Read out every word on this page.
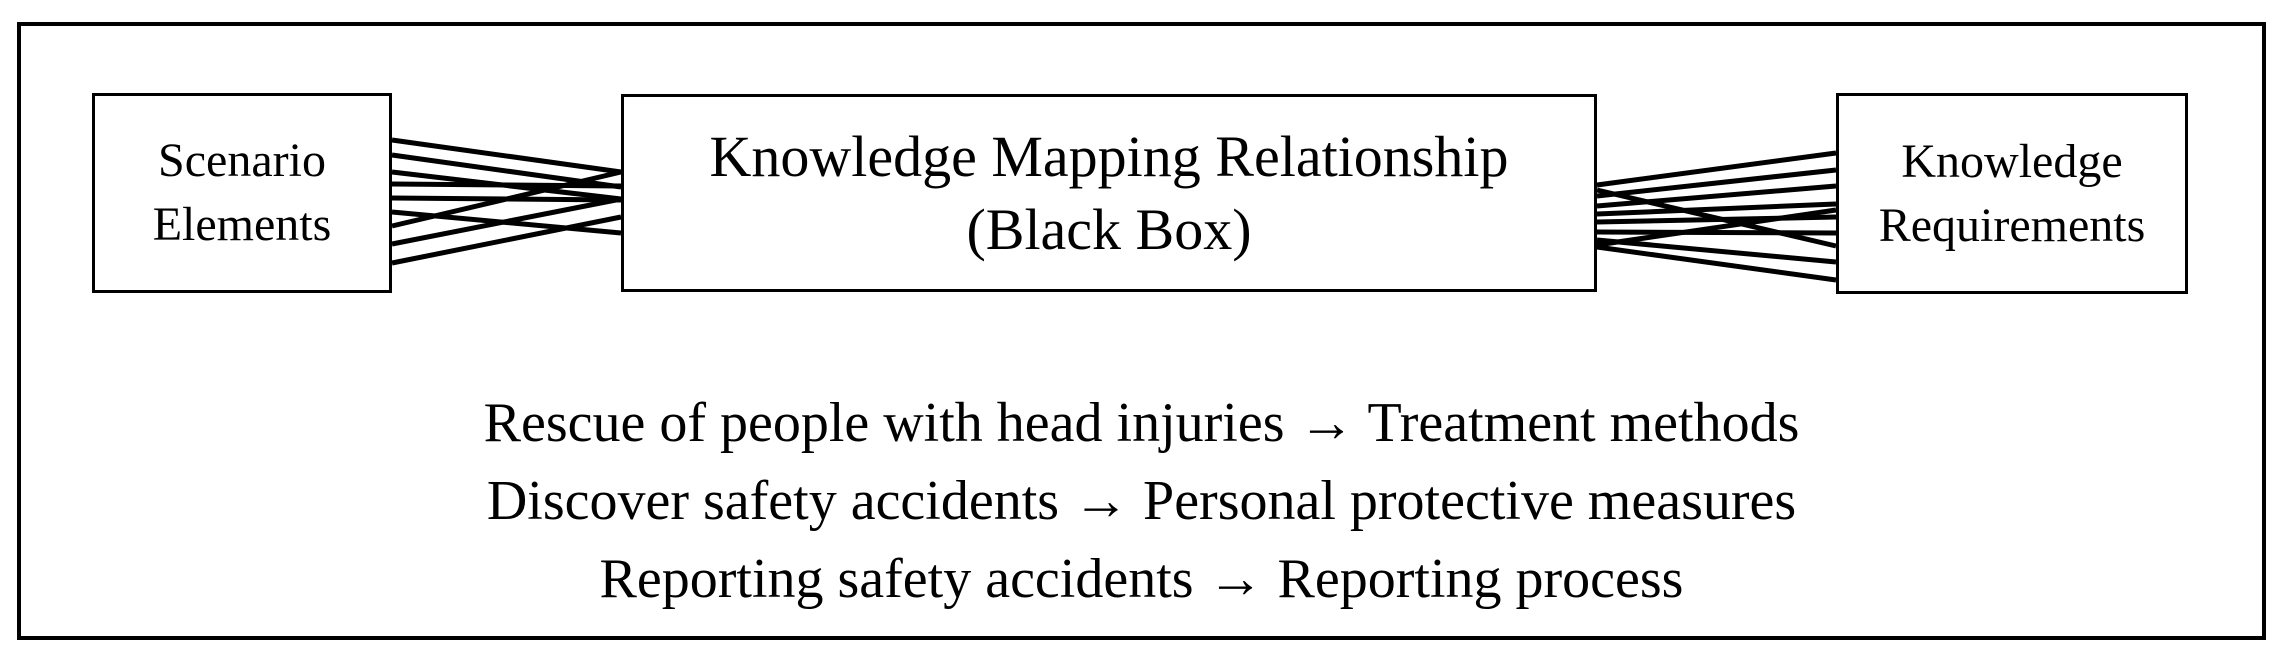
Scenario
Elements
Knowledge Mapping Relationship
(Black Box)
Knowledge
Requirements
Rescue of people with head injuries → Treatment methods
Discover safety accidents → Personal protective measures
Reporting safety accidents → Reporting process
